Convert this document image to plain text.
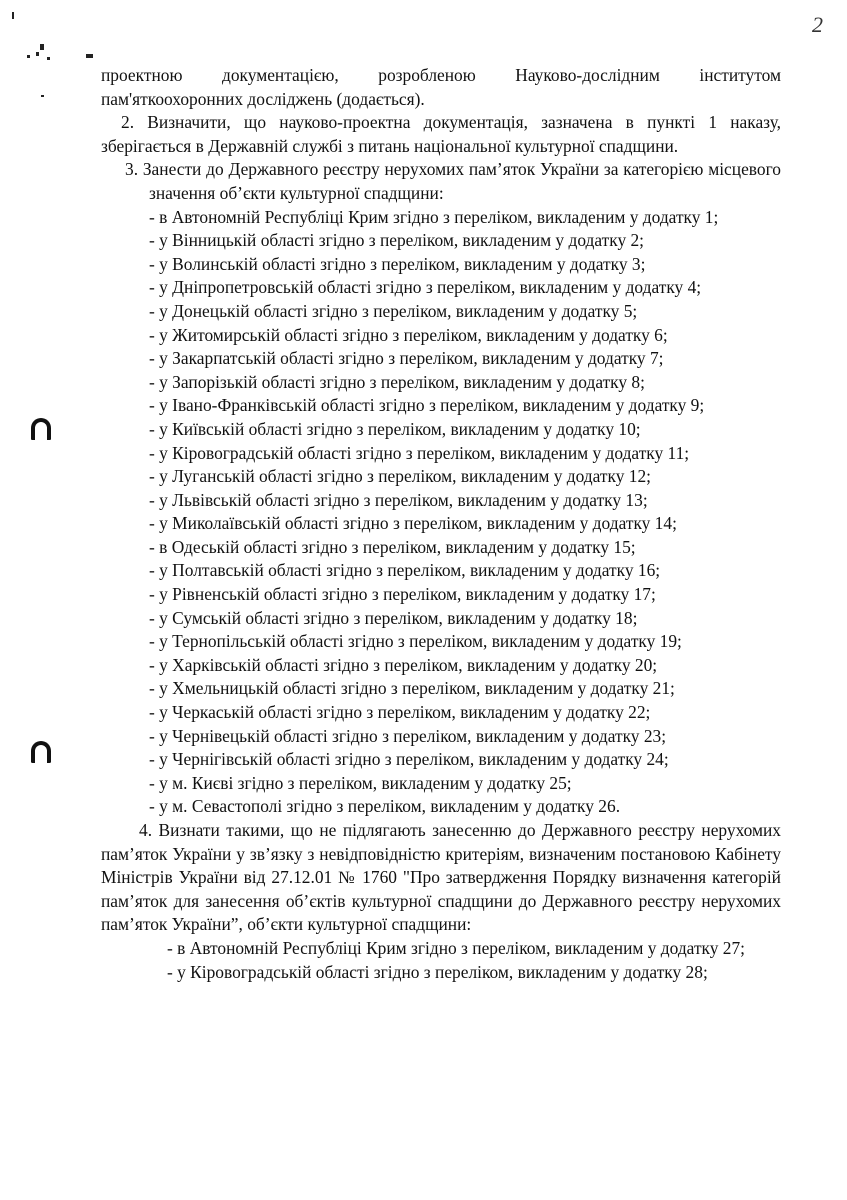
2

проектною документацією, розробленою Науково-дослідним інститутом пам'яткоохоронних досліджень (додається).

2. Визначити, що науково-проектна документація, зазначена в пункті 1 наказу, зберігається в Державній службі з питань національної культурної спадщини.

3. Занести до Державного реєстру нерухомих пам’яток України за категорією місцевого значення об’єкти культурної спадщини:

- в Автономній Республіці Крим згідно з переліком, викладеним у додатку 1;

- у Вінницькій області згідно з переліком, викладеним у додатку 2;

- у Волинській області згідно з переліком, викладеним у додатку 3;

- у Дніпропетровській області згідно з переліком, викладеним у додатку 4;

- у Донецькій області згідно з переліком, викладеним у додатку 5;

- у Житомирській області згідно з переліком, викладеним у додатку 6;

- у Закарпатській області згідно з переліком, викладеним у додатку 7;

- у Запорізькій області згідно з переліком, викладеним у додатку 8;

- у Івано-Франківській області згідно з переліком, викладеним у додатку 9;

- у Київській області згідно з переліком, викладеним у додатку 10;

- у Кіровоградській області згідно з переліком, викладеним у додатку 11;

- у Луганській області згідно з переліком, викладеним у додатку 12;

- у Львівській області згідно з переліком, викладеним у додатку 13;

- у Миколаївській області згідно з переліком, викладеним у додатку 14;

- в Одеській області згідно з переліком, викладеним у додатку 15;

- у Полтавській області згідно з переліком, викладеним у додатку 16;

- у Рівненській області згідно з переліком, викладеним у додатку 17;

- у Сумській області згідно з переліком, викладеним у додатку 18;

- у Тернопільській області згідно з переліком, викладеним у додатку 19;

- у Харківській області згідно з переліком, викладеним у додатку 20;

- у Хмельницькій області згідно з переліком, викладеним у додатку 21;

- у Черкаській області згідно з переліком, викладеним у додатку 22;

- у Чернівецькій області згідно з переліком, викладеним у додатку 23;

- у Чернігівській області згідно з переліком, викладеним у додатку 24;

- у м. Києві згідно з переліком, викладеним у додатку 25;

- у м. Севастополі згідно з переліком, викладеним у додатку 26.

4. Визнати такими, що не підлягають занесенню до Державного реєстру нерухомих пам’яток України у зв’язку з невідповідністю критеріям, визначеним постановою Кабінету Міністрів України від 27.12.01 № 1760 "Про затвердження Порядку визначення категорій пам’яток для занесення об’єктів культурної спадщини до Державного реєстру нерухомих пам’яток України”, об’єкти культурної спадщини:

- в Автономній Республіці Крим згідно з переліком, викладеним у додатку 27;

- у Кіровоградській області згідно з переліком, викладеним у додатку 28;
